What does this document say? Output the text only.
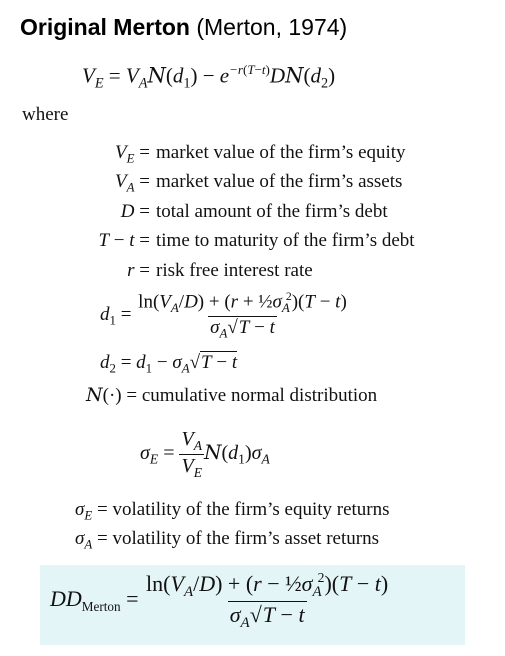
Original Merton (Merton, 1974)
$V_E = V_AN(d_1) - e^{-r(T-t)}DN(d_2)$
where
$V_E$ = market value of the firm’s equity
$V_A$ = market value of the firm’s assets
D = total amount of the firm’s debt
T − t = time to maturity of the firm’s debt
r = risk free interest rate
$d_1 = \frac{\ln(V_A/D) + (r + \frac{1}{2}\sigma_A^2)(T - t)}{\sigma_A√T - t}$
$d_2 = d_1 - \sigma_A√T - t$
N(·) = cumulative normal distribution
$\sigma_E = \frac{V_A}{V_E} N(d_1)\sigma_A$
$\sigma_E$ = volatility of the firm’s equity returns
$\sigma_A$ = volatility of the firm’s asset returns
$DD_{Merton} = \frac{\ln(V_A/D) + (r - \frac{1}{2}\sigma_A^2)(T - t)}{\sigma_A√T - t}$
